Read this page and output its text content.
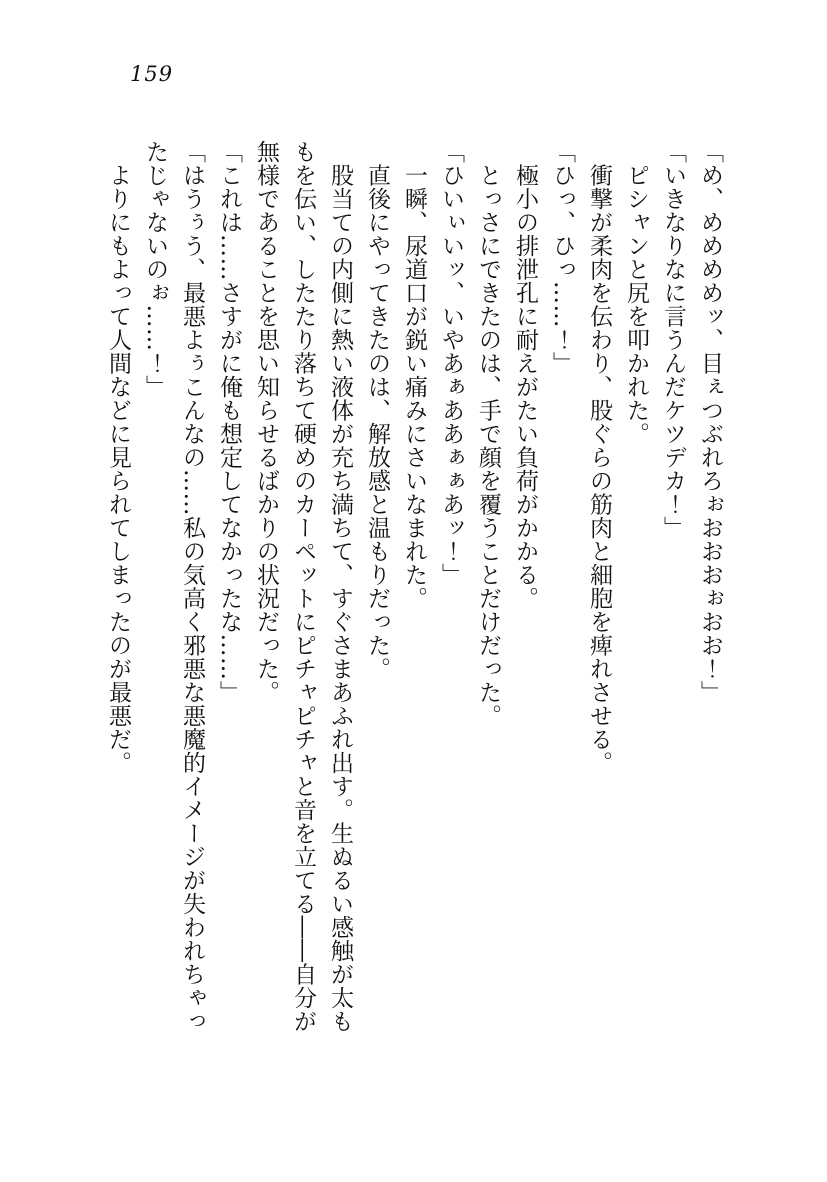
159
「め、めめめめッ、目ぇつぶれろぉおおおぉおお！」
「いきなりなに言うんだケツデカ！」
　ピシャンと尻を叩かれた。
　衝撃が柔肉を伝わり、股ぐらの筋肉と細胞を痺れさせる。
「ひっ、ひっ……！」
　極小の排泄孔に耐えがたい負荷がかかる。
　とっさにできたのは、手で顔を覆うことだけだった。
「ひいぃいッ、いやあぁああぁぁあッ！」
　一瞬、尿道口が鋭い痛みにさいなまれた。
　直後にやってきたのは、解放感と温もりだった。
　股当ての内側に熱い液体が充ち満ちて、すぐさまあふれ出す。生ぬるい感触が太も
もを伝い、したたり落ちて硬めのカーペットにピチャピチャと音を立てる――自分が
無様であることを思い知らせるばかりの状況だった。
「これは……さすがに俺も想定してなかったな……」
「はうぅう、最悪よぅこんなの……私の気高く邪悪な悪魔的イメージが失われちゃっ
たじゃないのぉ……！」
　よりにもよって人間などに見られてしまったのが最悪だ。
